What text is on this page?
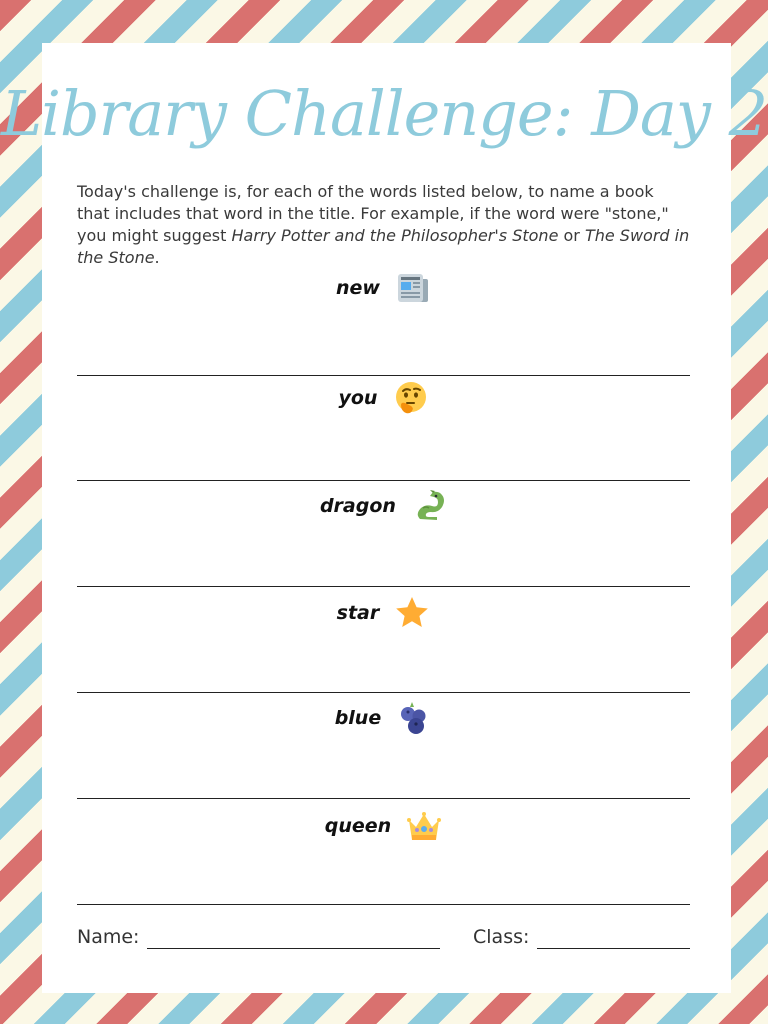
Library Challenge: Day 2

Today's challenge is, for each of the words listed below, to name a book that includes that word in the title. For example, if the word were "stone," you might suggest Harry Potter and the Philosopher's Stone or The Sword in the Stone.

new
you
dragon
star
blue
queen
Name:	Class:
